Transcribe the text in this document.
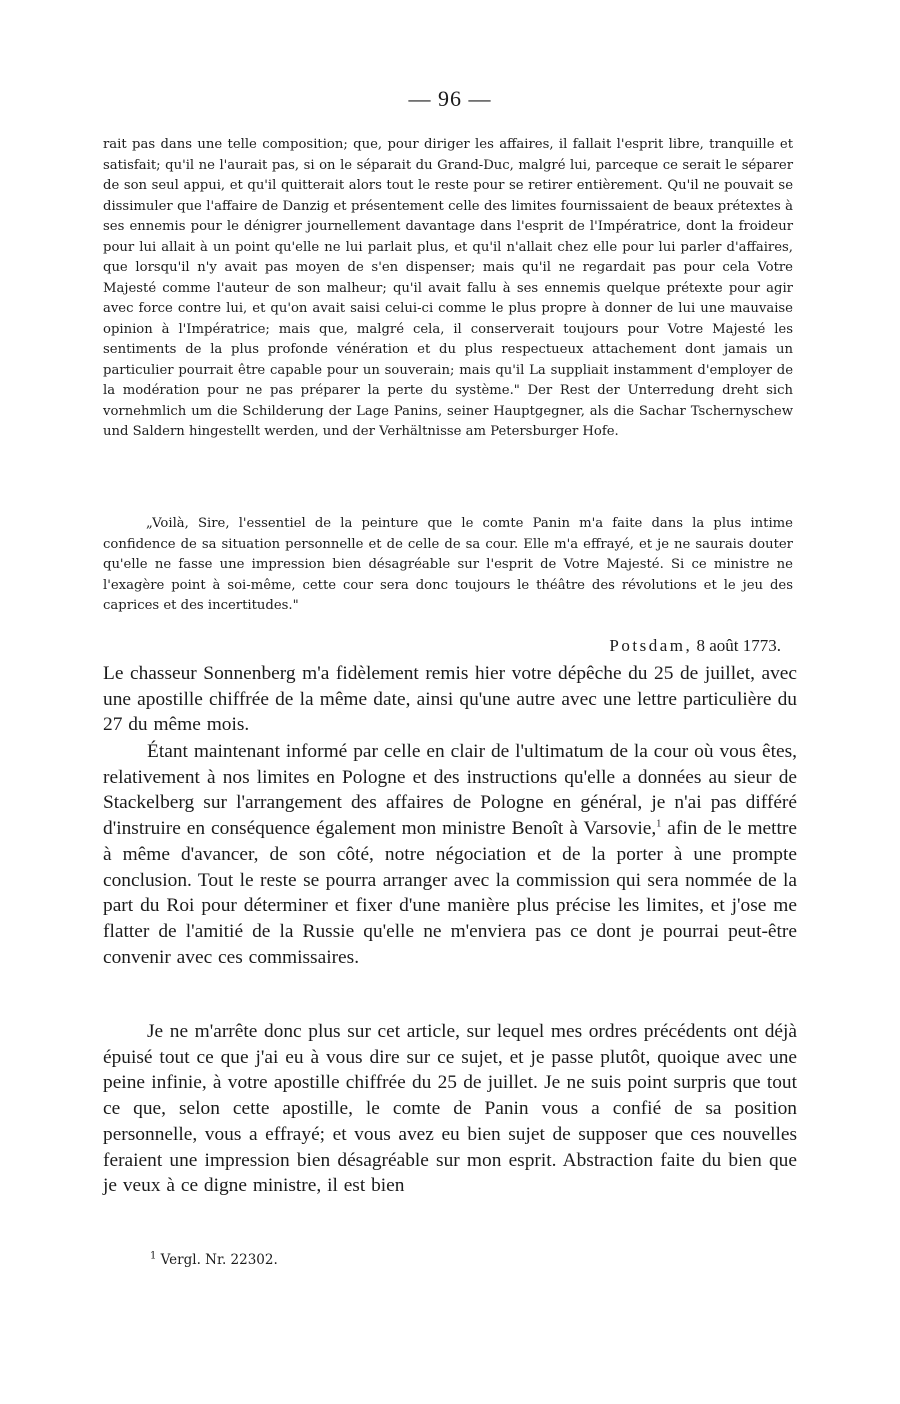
— 96 —

rait pas dans une telle composition; que, pour diriger les affaires, il fallait l'esprit libre, tranquille et satisfait; qu'il ne l'aurait pas, si on le séparait du Grand-Duc, malgré lui, parceque ce serait le séparer de son seul appui, et qu'il quitterait alors tout le reste pour se retirer entièrement. Qu'il ne pouvait se dissimuler que l'affaire de Danzig et présentement celle des limites fournissaient de beaux prétextes à ses ennemis pour le dénigrer journellement davantage dans l'esprit de l'Impératrice, dont la froideur pour lui allait à un point qu'elle ne lui parlait plus, et qu'il n'allait chez elle pour lui parler d'affaires, que lorsqu'il n'y avait pas moyen de s'en dispenser; mais qu'il ne regardait pas pour cela Votre Majesté comme l'auteur de son malheur; qu'il avait fallu à ses ennemis quelque prétexte pour agir avec force contre lui, et qu'on avait saisi celui-ci comme le plus propre à donner de lui une mauvaise opinion à l'Impératrice; mais que, malgré cela, il conserverait toujours pour Votre Majesté les sentiments de la plus profonde vénération et du plus respectueux attachement dont jamais un particulier pourrait être capable pour un souverain; mais qu'il La suppliait instamment d'employer de la modération pour ne pas préparer la perte du système." Der Rest der Unterredung dreht sich vornehmlich um die Schilderung der Lage Panins, seiner Hauptgegner, als die Sachar Tschernyschew und Saldern hingestellt werden, und der Verhältnisse am Petersburger Hofe.

„Voilà, Sire, l'essentiel de la peinture que le comte Panin m'a faite dans la plus intime confidence de sa situation personnelle et de celle de sa cour. Elle m'a effrayé, et je ne saurais douter qu'elle ne fasse une impression bien désagréable sur l'esprit de Votre Majesté. Si ce ministre ne l'exagère point à soi-même, cette cour sera donc toujours le théâtre des révolutions et le jeu des caprices et des incertitudes."

Potsdam, 8 août 1773.

Le chasseur Sonnenberg m'a fidèlement remis hier votre dépêche du 25 de juillet, avec une apostille chiffrée de la même date, ainsi qu'une autre avec une lettre particulière du 27 du même mois.

Étant maintenant informé par celle en clair de l'ultimatum de la cour où vous êtes, relativement à nos limites en Pologne et des instructions qu'elle a données au sieur de Stackelberg sur l'arrangement des affaires de Pologne en général, je n'ai pas différé d'instruire en conséquence également mon ministre Benoît à Varsovie,$^1$ afin de le mettre à même d'avancer, de son côté, notre négociation et de la porter à une prompte conclusion. Tout le reste se pourra arranger avec la commission qui sera nommée de la part du Roi pour déterminer et fixer d'une manière plus précise les limites, et j'ose me flatter de l'amitié de la Russie qu'elle ne m'enviera pas ce dont je pourrai peut-être convenir avec ces commissaires.

Je ne m'arrête donc plus sur cet article, sur lequel mes ordres précédents ont déjà épuisé tout ce que j'ai eu à vous dire sur ce sujet, et je passe plutôt, quoique avec une peine infinie, à votre apostille chiffrée du 25 de juillet. Je ne suis point surpris que tout ce que, selon cette apostille, le comte de Panin vous a confié de sa position personnelle, vous a effrayé; et vous avez eu bien sujet de supposer que ces nouvelles feraient une impression bien désagréable sur mon esprit. Abstraction faite du bien que je veux à ce digne ministre, il est bien

$^1$ Vergl. Nr. 22302.
